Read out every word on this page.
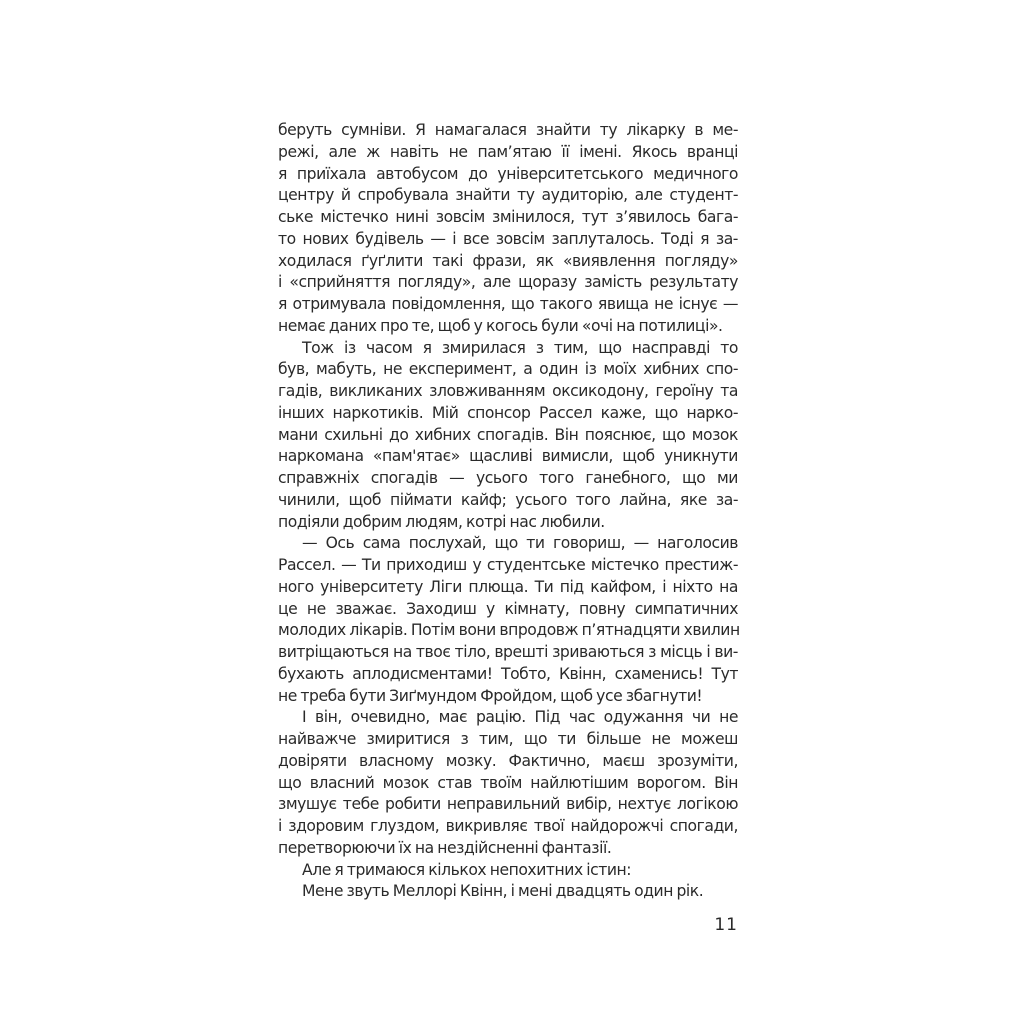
беруть сумніви. Я намагалася знайти ту лікарку в ме-
режі, але ж навіть не пам’ятаю її імені. Якось вранці
я приїхала автобусом до університетського медичного
центру й спробувала знайти ту аудиторію, але студент-
ське містечко нині зовсім змінилося, тут з’явилось бага-
то нових будівель — і все зовсім заплуталось. Тоді я за-
ходилася ґуґлити такі фрази, як «виявлення погляду»
і «сприйняття погляду», але щоразу замість результату
я отримувала повідомлення, що такого явища не існує —
немає даних про те, щоб у когось були «очі на потилиці».
Тож із часом я змирилася з тим, що насправді то
був, мабуть, не експеримент, а один із моїх хибних спо-
гадів, викликаних зловживанням оксикодону, героїну та
інших наркотиків. Мій спонсор Рассел каже, що нарко-
мани схильні до хибних спогадів. Він пояснює, що мозок
наркомана «пам'ятає» щасливі вимисли, щоб уникнути
справжніх спогадів — усього того ганебного, що ми
чинили, щоб піймати кайф; усього того лайна, яке за-
подіяли добрим людям, котрі нас любили.
— Ось сама послухай, що ти говориш, — наголосив
Рассел. — Ти приходиш у студентське містечко престиж-
ного університету Ліги плюща. Ти під кайфом, і ніхто на
це не зважає. Заходиш у кімнату, повну симпатичних
молодих лікарів. Потім вони впродовж п’ятнадцяти хвилин
витріщаються на твоє тіло, врешті зриваються з місць і ви-
бухають аплодисментами! Тобто, Квінн, схаменись! Тут
не треба бути Зиґмундом Фройдом, щоб усе збагнути!
І він, очевидно, має рацію. Під час одужання чи не
найважче змиритися з тим, що ти більше не можеш
довіряти власному мозку. Фактично, маєш зрозуміти,
що власний мозок став твоїм найлютішим ворогом. Він
змушує тебе робити неправильний вибір, нехтує логікою
і здоровим глуздом, викривляє твої найдорожчі спогади,
перетворюючи їх на нездійсненні фантазії.
Але я тримаюся кількох непохитних істин:
Мене звуть Меллорі Квінн, і мені двадцять один рік.
11
